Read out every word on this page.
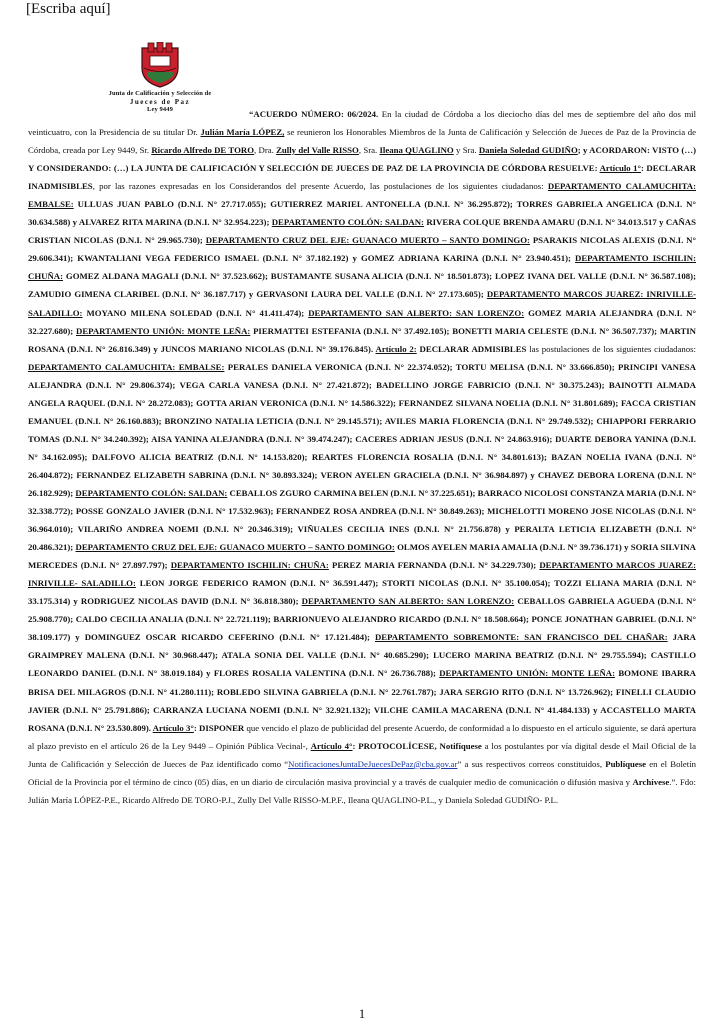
[Escriba aquí]
Junta de Calificación y Selección de
Jueces de Paz
Ley 9449	“ACUERDO NÚMERO: 06/2024. En la ciudad de Córdoba a los dieciocho días del mes de septiembre del año dos mil veinticuatro, con la Presidencia de su titular Dr. Julián María LÓPEZ, se reunieron los Honorables Miembros de la Junta de Calificación y Selección de Jueces de Paz de la Provincia de Córdoba, creada por Ley 9449, Sr. Ricardo Alfredo DE TORO, Dra. Zully del Valle RISSO, Sra. Ileana QUAGLINO y Sra. Daniela Soledad GUDIÑO; y ACORDARON: VISTO (…) Y CONSIDERANDO: (…) LA JUNTA DE CALIFICACIÓN Y SELECCIÓN DE JUECES DE PAZ DE LA PROVINCIA DE CÓRDOBA RESUELVE: Artículo 1°: DECLARAR INADMISIBLES, por las razones expresadas en los Considerandos del presente Acuerdo, las postulaciones de los siguientes ciudadanos: DEPARTAMENTO CALAMUCHITA: EMBALSE: ULLUAS JUAN PABLO (D.N.I. N° 27.717.055); GUTIERREZ MARIEL ANTONELLA (D.N.I. N° 36.295.872); TORRES GABRIELA ANGELICA (D.N.I. N° 30.634.588) y ALVAREZ RITA MARINA (D.N.I. N° 32.954.223); DEPARTAMENTO COLÓN: SALDAN: RIVERA COLQUE BRENDA AMARU (D.N.I. N° 34.013.517 y CAÑAS CRISTIAN NICOLAS (D.N.I. N° 29.965.730); DEPARTAMENTO CRUZ DEL EJE: GUANACO MUERTO – SANTO DOMINGO: PSARAKIS NICOLAS ALEXIS (D.N.I. N° 29.606.341); KWANTALIANI VEGA FEDERICO ISMAEL (D.N.I. N° 37.182.192) y GOMEZ ADRIANA KARINA (D.N.I. N° 23.940.451); DEPARTAMENTO ISCHILIN: CHUÑA: GOMEZ ALDANA MAGALI (D.N.I. N° 37.523.662); BUSTAMANTE SUSANA ALICIA (D.N.I. N° 18.501.873); LOPEZ IVANA DEL VALLE (D.N.I. N° 36.587.108); ZAMUDIO GIMENA CLARIBEL (D.N.I. N° 36.187.717) y GERVASONI LAURA DEL VALLE (D.N.I. N° 27.173.605); DEPARTAMENTO MARCOS JUAREZ: INRIVILLE-SALADILLO: MOYANO MILENA SOLEDAD (D.N.I. N° 41.411.474); DEPARTAMENTO SAN ALBERTO: SAN LORENZO: GOMEZ MARIA ALEJANDRA (D.N.I. N° 32.227.680); DEPARTAMENTO UNIÓN: MONTE LEÑA: PIERMATTEI ESTEFANIA (D.N.I. N° 37.492.105); BONETTI MARIA CELESTE (D.N.I. N° 36.507.737); MARTIN ROSANA (D.N.I. N° 26.816.349) y JUNCOS MARIANO NICOLAS (D.N.I. N° 39.176.845). Artículo 2: DECLARAR ADMISIBLES las postulaciones de los siguientes ciudadanos: DEPARTAMENTO CALAMUCHITA: EMBALSE: PERALES DANIELA VERONICA (D.N.I. N° 22.374.052); TORTU MELISA (D.N.I. N° 33.666.850); PRINCIPI VANESA ALEJANDRA (D.N.I. N° 29.806.374); VEGA CARLA VANESA (D.N.I. N° 27.421.872); BADELLINO JORGE FABRICIO (D.N.I. N° 30.375.243); BAINOTTI ALMADA ANGELA RAQUEL (D.N.I. N° 28.272.083); GOTTA ARIAN VERONICA (D.N.I. N° 14.586.322); FERNANDEZ SILVANA NOELIA (D.N.I. N° 31.801.689); FACCA CRISTIAN EMANUEL (D.N.I. N° 26.160.883); BRONZINO NATALIA LETICIA (D.N.I. N° 29.145.571); AVILES MARIA FLORENCIA (D.N.I. N° 29.749.532); CHIAPPORI FERRARIO TOMAS (D.N.I. N° 34.240.392); AISA YANINA ALEJANDRA (D.N.I. N° 39.474.247); CACERES ADRIAN JESUS (D.N.I. N° 24.863.916); DUARTE DEBORA YANINA (D.N.I. N° 34.162.095); DALFOVO ALICIA BEATRIZ (D.N.I. N° 14.153.820); REARTES FLORENCIA ROSALIA (D.N.I. N° 34.801.613); BAZAN NOELIA IVANA (D.N.I. N° 26.404.872); FERNANDEZ ELIZABETH SABRINA (D.N.I. N° 30.893.324); VERON AYELEN GRACIELA (D.N.I. N° 36.984.897) y CHAVEZ DEBORA LORENA (D.N.I. N° 26.182.929); DEPARTAMENTO COLÓN: SALDAN: CEBALLOS ZGURO CARMINA BELEN (D.N.I. N° 37.225.651); BARRACO NICOLOSI CONSTANZA MARIA (D.N.I. N° 32.338.772); POSSE GONZALO JAVIER (D.N.I. N° 17.532.963); FERNANDEZ ROSA ANDREA (D.N.I. N° 30.849.263); MICHELOTTI MORENO JOSE NICOLAS (D.N.I. N° 36.964.010); VILARIÑO ANDREA NOEMI (D.N.I. N° 20.346.319); VIÑUALES CECILIA INES (D.N.I. N° 21.756.878) y PERALTA LETICIA ELIZABETH (D.N.I. N° 20.486.321); DEPARTAMENTO CRUZ DEL EJE: GUANACO MUERTO – SANTO DOMINGO: OLMOS AYELEN MARIA AMALIA (D.N.I. N° 39.736.171) y SORIA SILVINA MERCEDES (D.N.I. N° 27.897.797); DEPARTAMENTO ISCHILIN: CHUÑA: PEREZ MARIA FERNANDA (D.N.I. N° 34.229.730); DEPARTAMENTO MARCOS JUAREZ: INRIVILLE- SALADILLO: LEON JORGE FEDERICO RAMON (D.N.I. N° 36.591.447); STORTI NICOLAS (D.N.I. N° 35.100.054); TOZZI ELIANA MARIA (D.N.I. N° 33.175.314) y RODRIGUEZ NICOLAS DAVID (D.N.I. N° 36.818.380); DEPARTAMENTO SAN ALBERTO: SAN LORENZO: CEBALLOS GABRIELA AGUEDA (D.N.I. N° 25.908.770); CALDO CECILIA ANALIA (D.N.I. N° 22.721.119); BARRIONUEVO ALEJANDRO RICARDO (D.N.I. N° 18.508.664); PONCE JONATHAN GABRIEL (D.N.I. N° 38.109.177) y DOMINGUEZ OSCAR RICARDO CEFERINO (D.N.I. N° 17.121.484); DEPARTAMENTO SOBREMONTE: SAN FRANCISCO DEL CHAÑAR: JARA GRAIMPREY MALENA (D.N.I. N° 30.968.447); ATALA SONIA DEL VALLE (D.N.I. N° 40.685.290); LUCERO MARINA BEATRIZ (D.N.I. N° 29.755.594); CASTILLO LEONARDO DANIEL (D.N.I. N° 38.019.184) y FLORES ROSALIA VALENTINA (D.N.I. N° 26.736.788); DEPARTAMENTO UNIÓN: MONTE LEÑA: BOMONE IBARRA BRISA DEL MILAGROS (D.N.I. N° 41.280.111); ROBLEDO SILVINA GABRIELA (D.N.I. N° 22.761.787); JARA SERGIO RITO (D.N.I. N° 13.726.962); FINELLI CLAUDIO JAVIER (D.N.I. N° 25.791.886); CARRANZA LUCIANA NOEMI (D.N.I. N° 32.921.132); VILCHE CAMILA MACARENA (D.N.I. N° 41.484.133) y ACCASTELLO MARTA ROSANA (D.N.I. N° 23.530.809). Artículo 3°: DISPONER que vencido el plazo de publicidad del presente Acuerdo, de conformidad a lo dispuesto en el artículo siguiente, se dará apertura al plazo previsto en el artículo 26 de la Ley 9449 – Opinión Pública Vecinal-, Artículo 4°: PROTOCOLÍCESE, Notifíquese a los postulantes por vía digital desde el Mail Oficial de la Junta de Calificación y Selección de Jueces de Paz identificado como “NotificacionesJuntaDeJuecesDePaz@cba.gov.ar” a sus respectivos correos constituidos, Publíquese en el Boletín Oficial de la Provincia por el término de cinco (05) días, en un diario de circulación masiva provincial y a través de cualquier medio de comunicación o difusión masiva y Archívese.”. Fdo: Julián María LÓPEZ-P.E., Ricardo Alfredo DE TORO-P.J., Zully Del Valle RISSO-M.P.F., Ileana QUAGLINO-P.L., y Daniela Soledad GUDIÑO- P.L.
1
